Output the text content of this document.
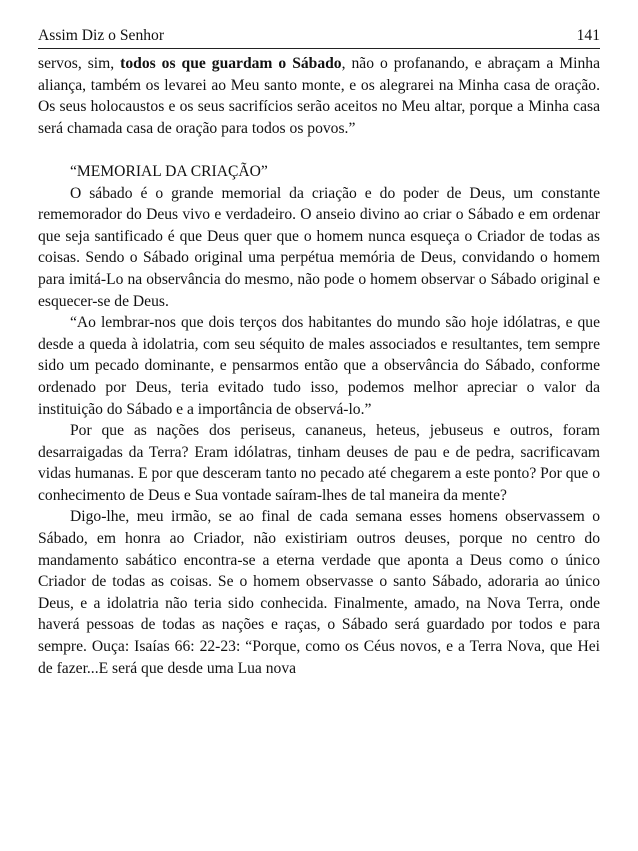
Assim Diz o Senhor	141

servos, sim, todos os que guardam o Sábado, não o profanando, e abraçam a Minha aliança, também os levarei ao Meu santo monte, e os alegrarei na Minha casa de oração. Os seus holocaustos e os seus sacrifícios serão aceitos no Meu altar, porque a Minha casa será chamada casa de oração para todos os povos.”

“MEMORIAL DA CRIAÇÃO”

O sábado é o grande memorial da criação e do poder de Deus, um constante rememorador do Deus vivo e verdadeiro. O anseio divino ao criar o Sábado e em ordenar que seja santificado é que Deus quer que o homem nunca esqueça o Criador de todas as coisas. Sendo o Sábado original uma perpétua memória de Deus, convidando o homem para imitá-Lo na observância do mesmo, não pode o homem observar o Sábado original e esquecer-se de Deus.

“Ao lembrar-nos que dois terços dos habitantes do mundo são hoje idólatras, e que desde a queda à idolatria, com seu séquito de males associados e resultantes, tem sempre sido um pecado dominante, e pensarmos então que a observância do Sábado, conforme ordenado por Deus, teria evitado tudo isso, podemos melhor apreciar o valor da instituição do Sábado e a importância de observá-lo.”

Por que as nações dos periseus, cananeus, heteus, jebuseus e outros, foram desarraigadas da Terra? Eram idólatras, tinham deuses de pau e de pedra, sacrificavam vidas humanas. E por que desceram tanto no pecado até chegarem a este ponto? Por que o conhecimento de Deus e Sua vontade saíram-lhes de tal maneira da mente?

Digo-lhe, meu irmão, se ao final de cada semana esses homens observassem o Sábado, em honra ao Criador, não existiriam outros deuses, porque no centro do mandamento sabático encontra-se a eterna verdade que aponta a Deus como o único Criador de todas as coisas. Se o homem observasse o santo Sábado, adoraria ao único Deus, e a idolatria não teria sido conhecida. Finalmente, amado, na Nova Terra, onde haverá pessoas de todas as nações e raças, o Sábado será guardado por todos e para sempre. Ouça: Isaías 66: 22-23: “Porque, como os Céus novos, e a Terra Nova, que Hei de fazer...E será que desde uma Lua nova
